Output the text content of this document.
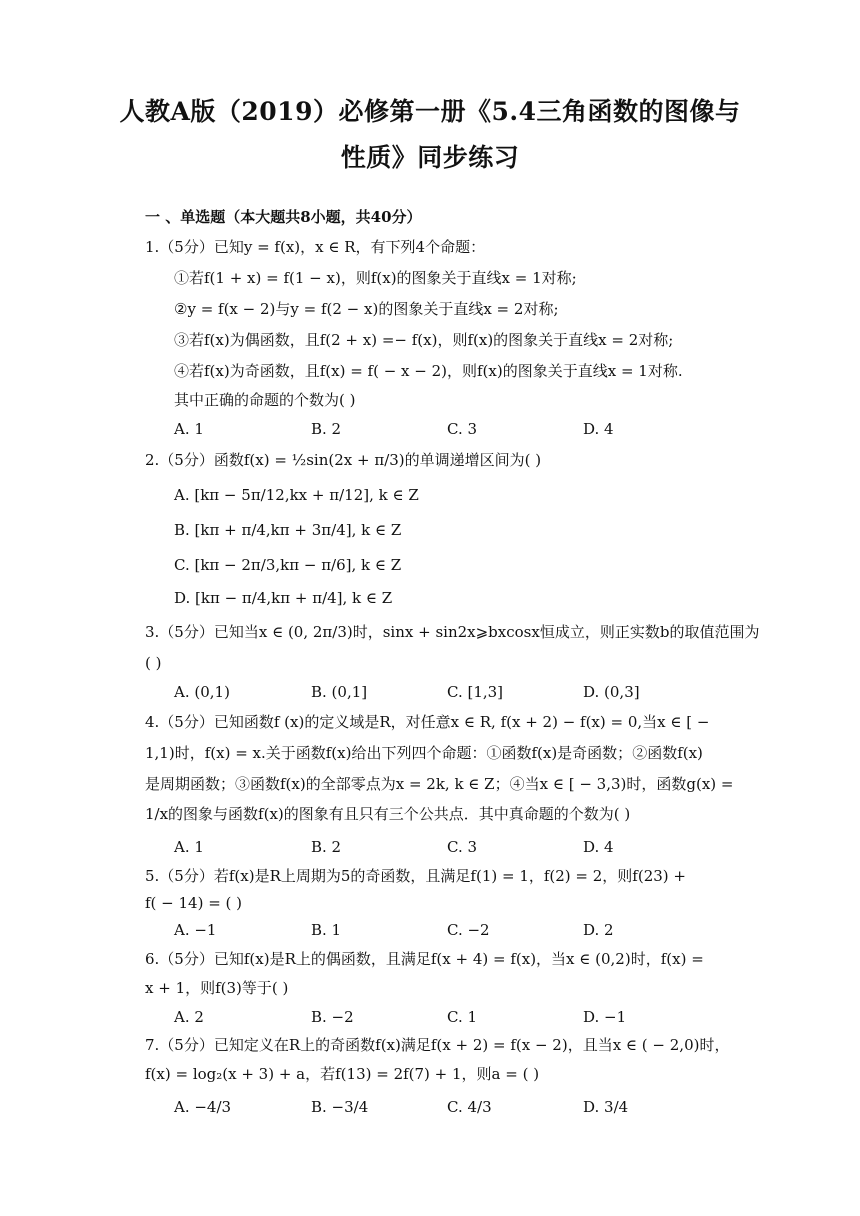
人教A版（2019）必修第一册《5.4三角函数的图像与
性质》同步练习
一 、单选题（本大题共8小题，共40分）
1.（5分）已知y = f(x)，x ∈ R，有下列4个命题：
①若f(1 + x) = f(1 − x)，则f(x)的图象关于直线x = 1对称;
②y = f(x − 2)与y = f(2 − x)的图象关于直线x = 2对称;
③若f(x)为偶函数，且f(2 + x) =− f(x)，则f(x)的图象关于直线x = 2对称;
④若f(x)为奇函数，且f(x) = f( − x − 2)，则f(x)的图象关于直线x = 1对称.
其中正确的命题的个数为( )
A. 1	B. 2	C. 3	D. 4
2.（5分）函数f(x) = ½sin(2x + π/3)的单调递增区间为( )
A. [kπ − 5π/12,kx + π/12], k ∈ Z
B. [kπ + π/4,kπ + 3π/4], k ∈ Z
C. [kπ − 2π/3,kπ − π/6], k ∈ Z
D. [kπ − π/4,kπ + π/4], k ∈ Z
3.（5分）已知当x ∈ (0, 2π/3)时，sinx + sin2x⩾bxcosx恒成立，则正实数b的取值范围为
( )
A. (0,1)	B. (0,1]	C. [1,3]	D. (0,3]
4.（5分）已知函数f (x)的定义域是R，对任意x ∈ R, f(x + 2) − f(x) = 0,当x ∈ [ −
1,1)时，f(x) = x.关于函数f(x)给出下列四个命题：①函数f(x)是奇函数；②函数f(x)
是周期函数；③函数f(x)的全部零点为x = 2k, k ∈ Z；④当x ∈ [ − 3,3)时，函数g(x) =
1/x的图象与函数f(x)的图象有且只有三个公共点．其中真命题的个数为( )
A. 1	B. 2	C. 3	D. 4
5.（5分）若f(x)是R上周期为5的奇函数，且满足f(1) = 1，f(2) = 2，则f(23) +
f( − 14) = ( )
A. −1	B. 1	C. −2	D. 2
6.（5分）已知f(x)是R上的偶函数，且满足f(x + 4) = f(x)，当x ∈ (0,2)时，f(x) =
x + 1，则f(3)等于( )
A. 2	B. −2	C. 1	D. −1
7.（5分）已知定义在R上的奇函数f(x)满足f(x + 2) = f(x − 2)，且当x ∈ ( − 2,0)时，
f(x) = log₂(x + 3) + a，若f(13) = 2f(7) + 1，则a = ( )
A. −4/3	B. −3/4	C. 4/3	D. 3/4
